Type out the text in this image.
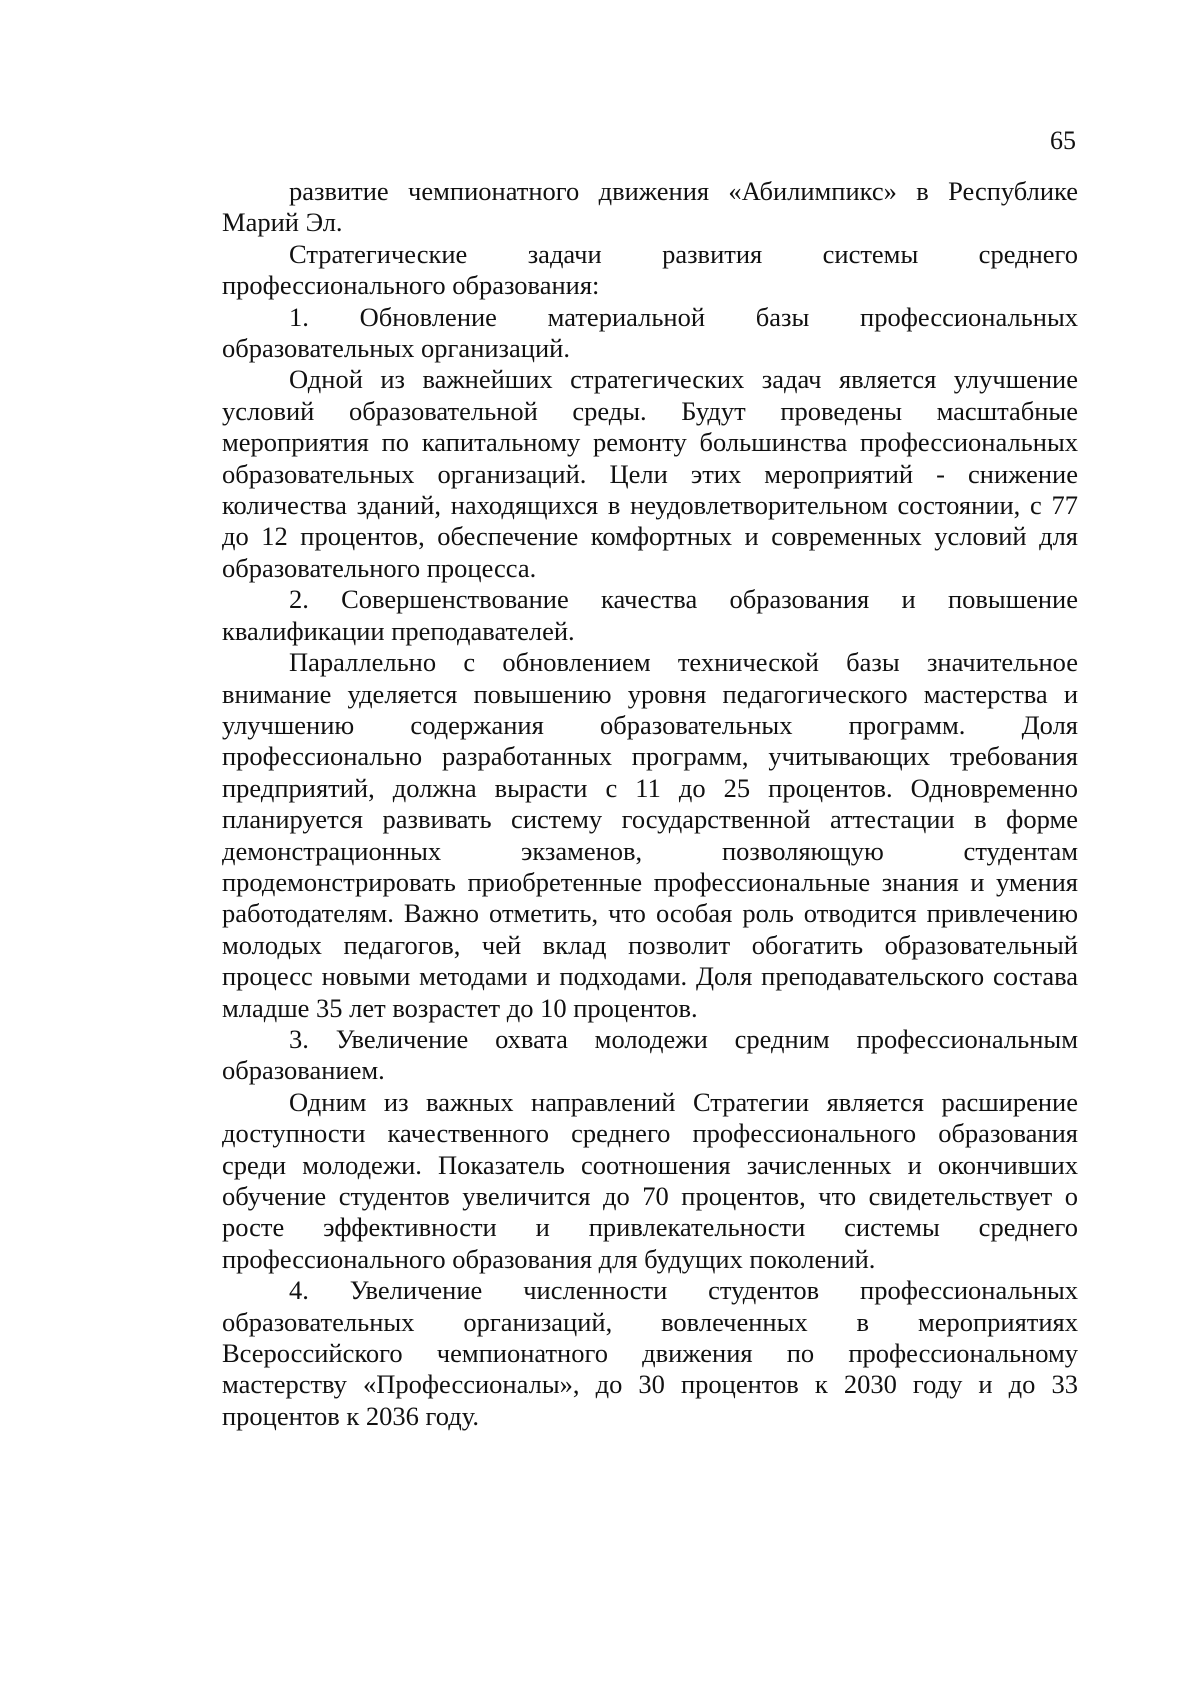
65

развитие чемпионатного движения «Абилимпикс» в Республике Марий Эл.

Стратегические задачи развития системы среднего профессионального образования:

1. Обновление материальной базы профессиональных образовательных организаций.

Одной из важнейших стратегических задач является улучшение условий образовательной среды. Будут проведены масштабные мероприятия по капитальному ремонту большинства профессиональных образовательных организаций. Цели этих мероприятий - снижение количества зданий, находящихся в неудовлетворительном состоянии, с 77 до 12 процентов, обеспечение комфортных и современных условий для образовательного процесса.

2. Совершенствование качества образования и повышение квалификации преподавателей.

Параллельно с обновлением технической базы значительное внимание уделяется повышению уровня педагогического мастерства и улучшению содержания образовательных программ. Доля профессионально разработанных программ, учитывающих требования предприятий, должна вырасти с 11 до 25 процентов. Одновременно планируется развивать систему государственной аттестации в форме демонстрационных экзаменов, позволяющую студентам продемонстрировать приобретенные профессиональные знания и умения работодателям. Важно отметить, что особая роль отводится привлечению молодых педагогов, чей вклад позволит обогатить образовательный процесс новыми методами и подходами. Доля преподавательского состава младше 35 лет возрастет до 10 процентов.

3. Увеличение охвата молодежи средним профессиональным образованием.

Одним из важных направлений Стратегии является расширение доступности качественного среднего профессионального образования среди молодежи. Показатель соотношения зачисленных и окончивших обучение студентов увеличится до 70 процентов, что свидетельствует о росте эффективности и привлекательности системы среднего профессионального образования для будущих поколений.

4. Увеличение численности студентов профессиональных образовательных организаций, вовлеченных в мероприятиях Всероссийского чемпионатного движения по профессиональному мастерству «Профессионалы», до 30 процентов к 2030 году и до 33 процентов к 2036 году.
